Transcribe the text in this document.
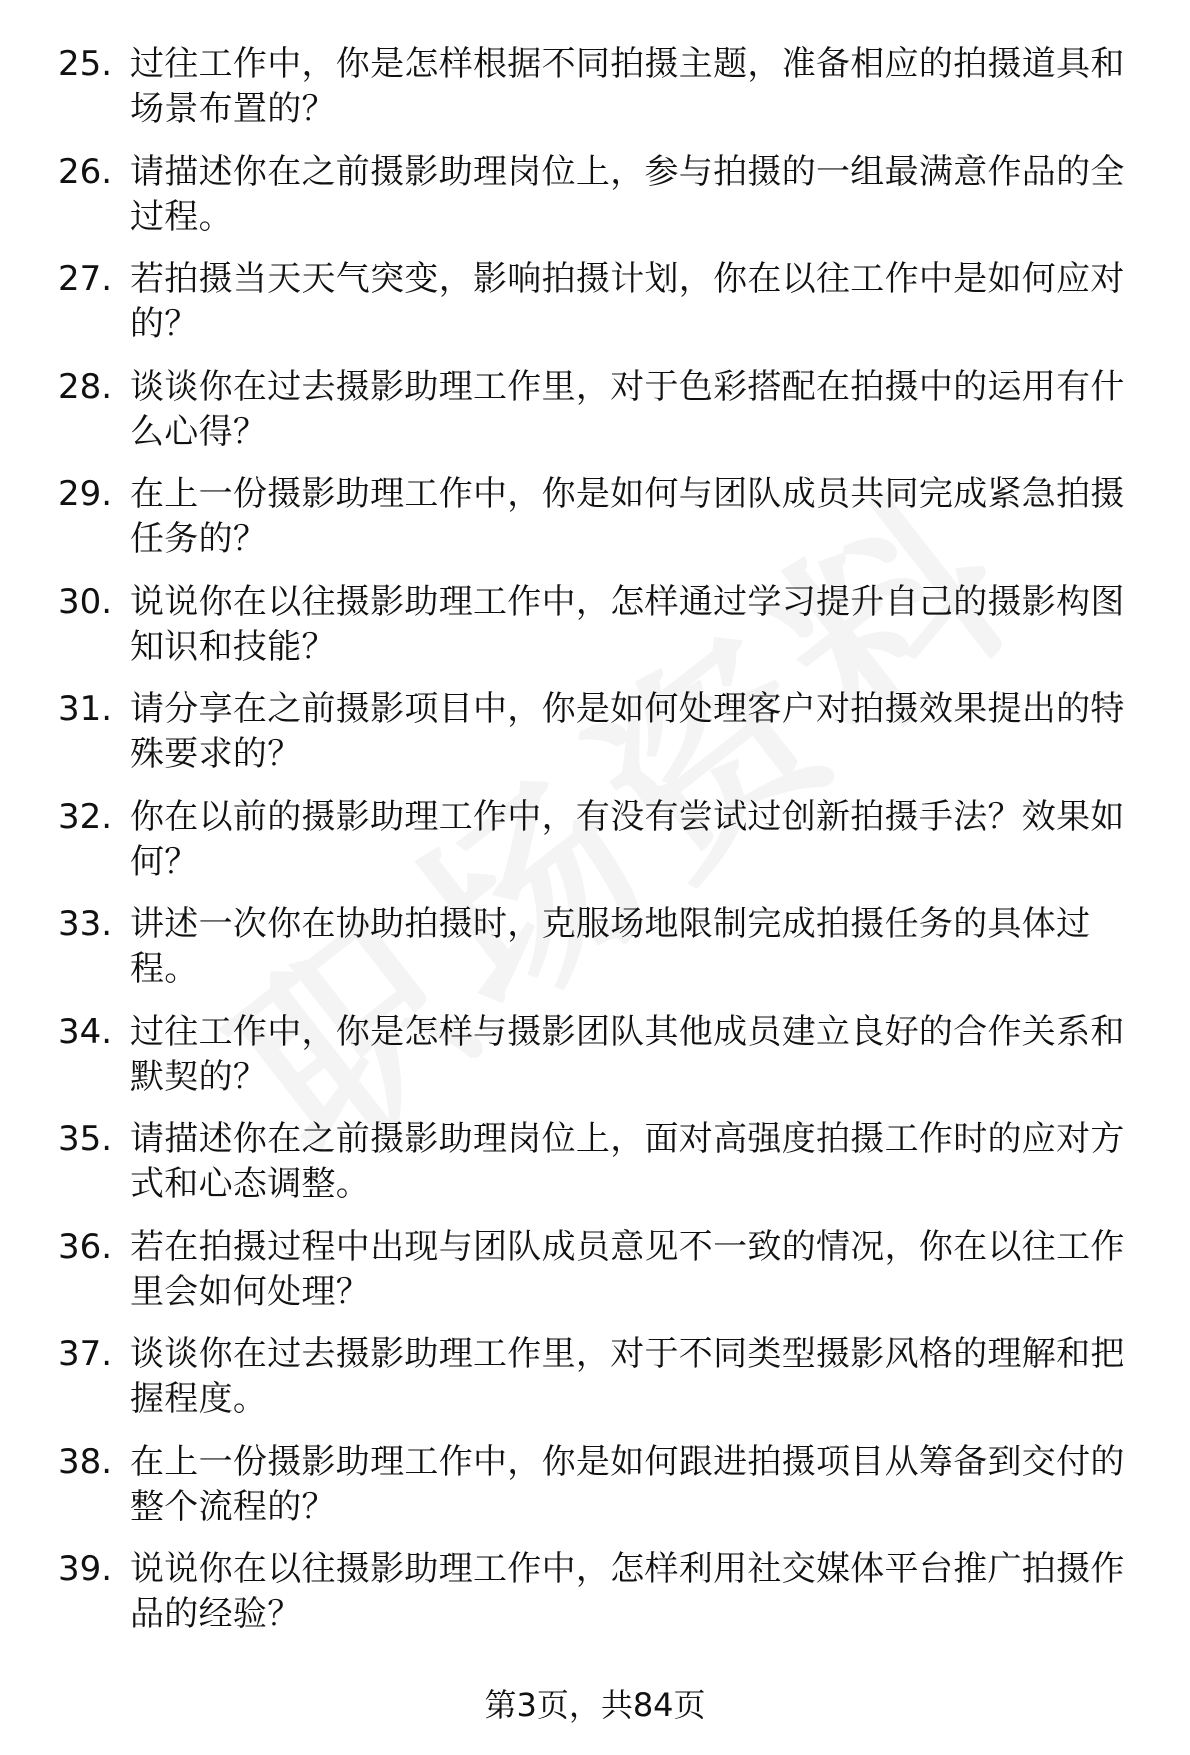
25. 过往工作中，你是怎样根据不同拍摄主题，准备相应的拍摄道具和场景布置的？
26. 请描述你在之前摄影助理岗位上，参与拍摄的一组最满意作品的全过程。
27. 若拍摄当天天气突变，影响拍摄计划，你在以往工作中是如何应对的？
28. 谈谈你在过去摄影助理工作里，对于色彩搭配在拍摄中的运用有什么心得？
29. 在上一份摄影助理工作中，你是如何与团队成员共同完成紧急拍摄任务的？
30. 说说你在以往摄影助理工作中，怎样通过学习提升自己的摄影构图知识和技能？
31. 请分享在之前摄影项目中，你是如何处理客户对拍摄效果提出的特殊要求的？
32. 你在以前的摄影助理工作中，有没有尝试过创新拍摄手法？效果如何？
33. 讲述一次你在协助拍摄时，克服场地限制完成拍摄任务的具体过程。
34. 过往工作中，你是怎样与摄影团队其他成员建立良好的合作关系和默契的？
35. 请描述你在之前摄影助理岗位上，面对高强度拍摄工作时的应对方式和心态调整。
36. 若在拍摄过程中出现与团队成员意见不一致的情况，你在以往工作里会如何处理？
37. 谈谈你在过去摄影助理工作里，对于不同类型摄影风格的理解和把握程度。
38. 在上一份摄影助理工作中，你是如何跟进拍摄项目从筹备到交付的整个流程的？
39. 说说你在以往摄影助理工作中，怎样利用社交媒体平台推广拍摄作品的经验？
第3页，共84页
